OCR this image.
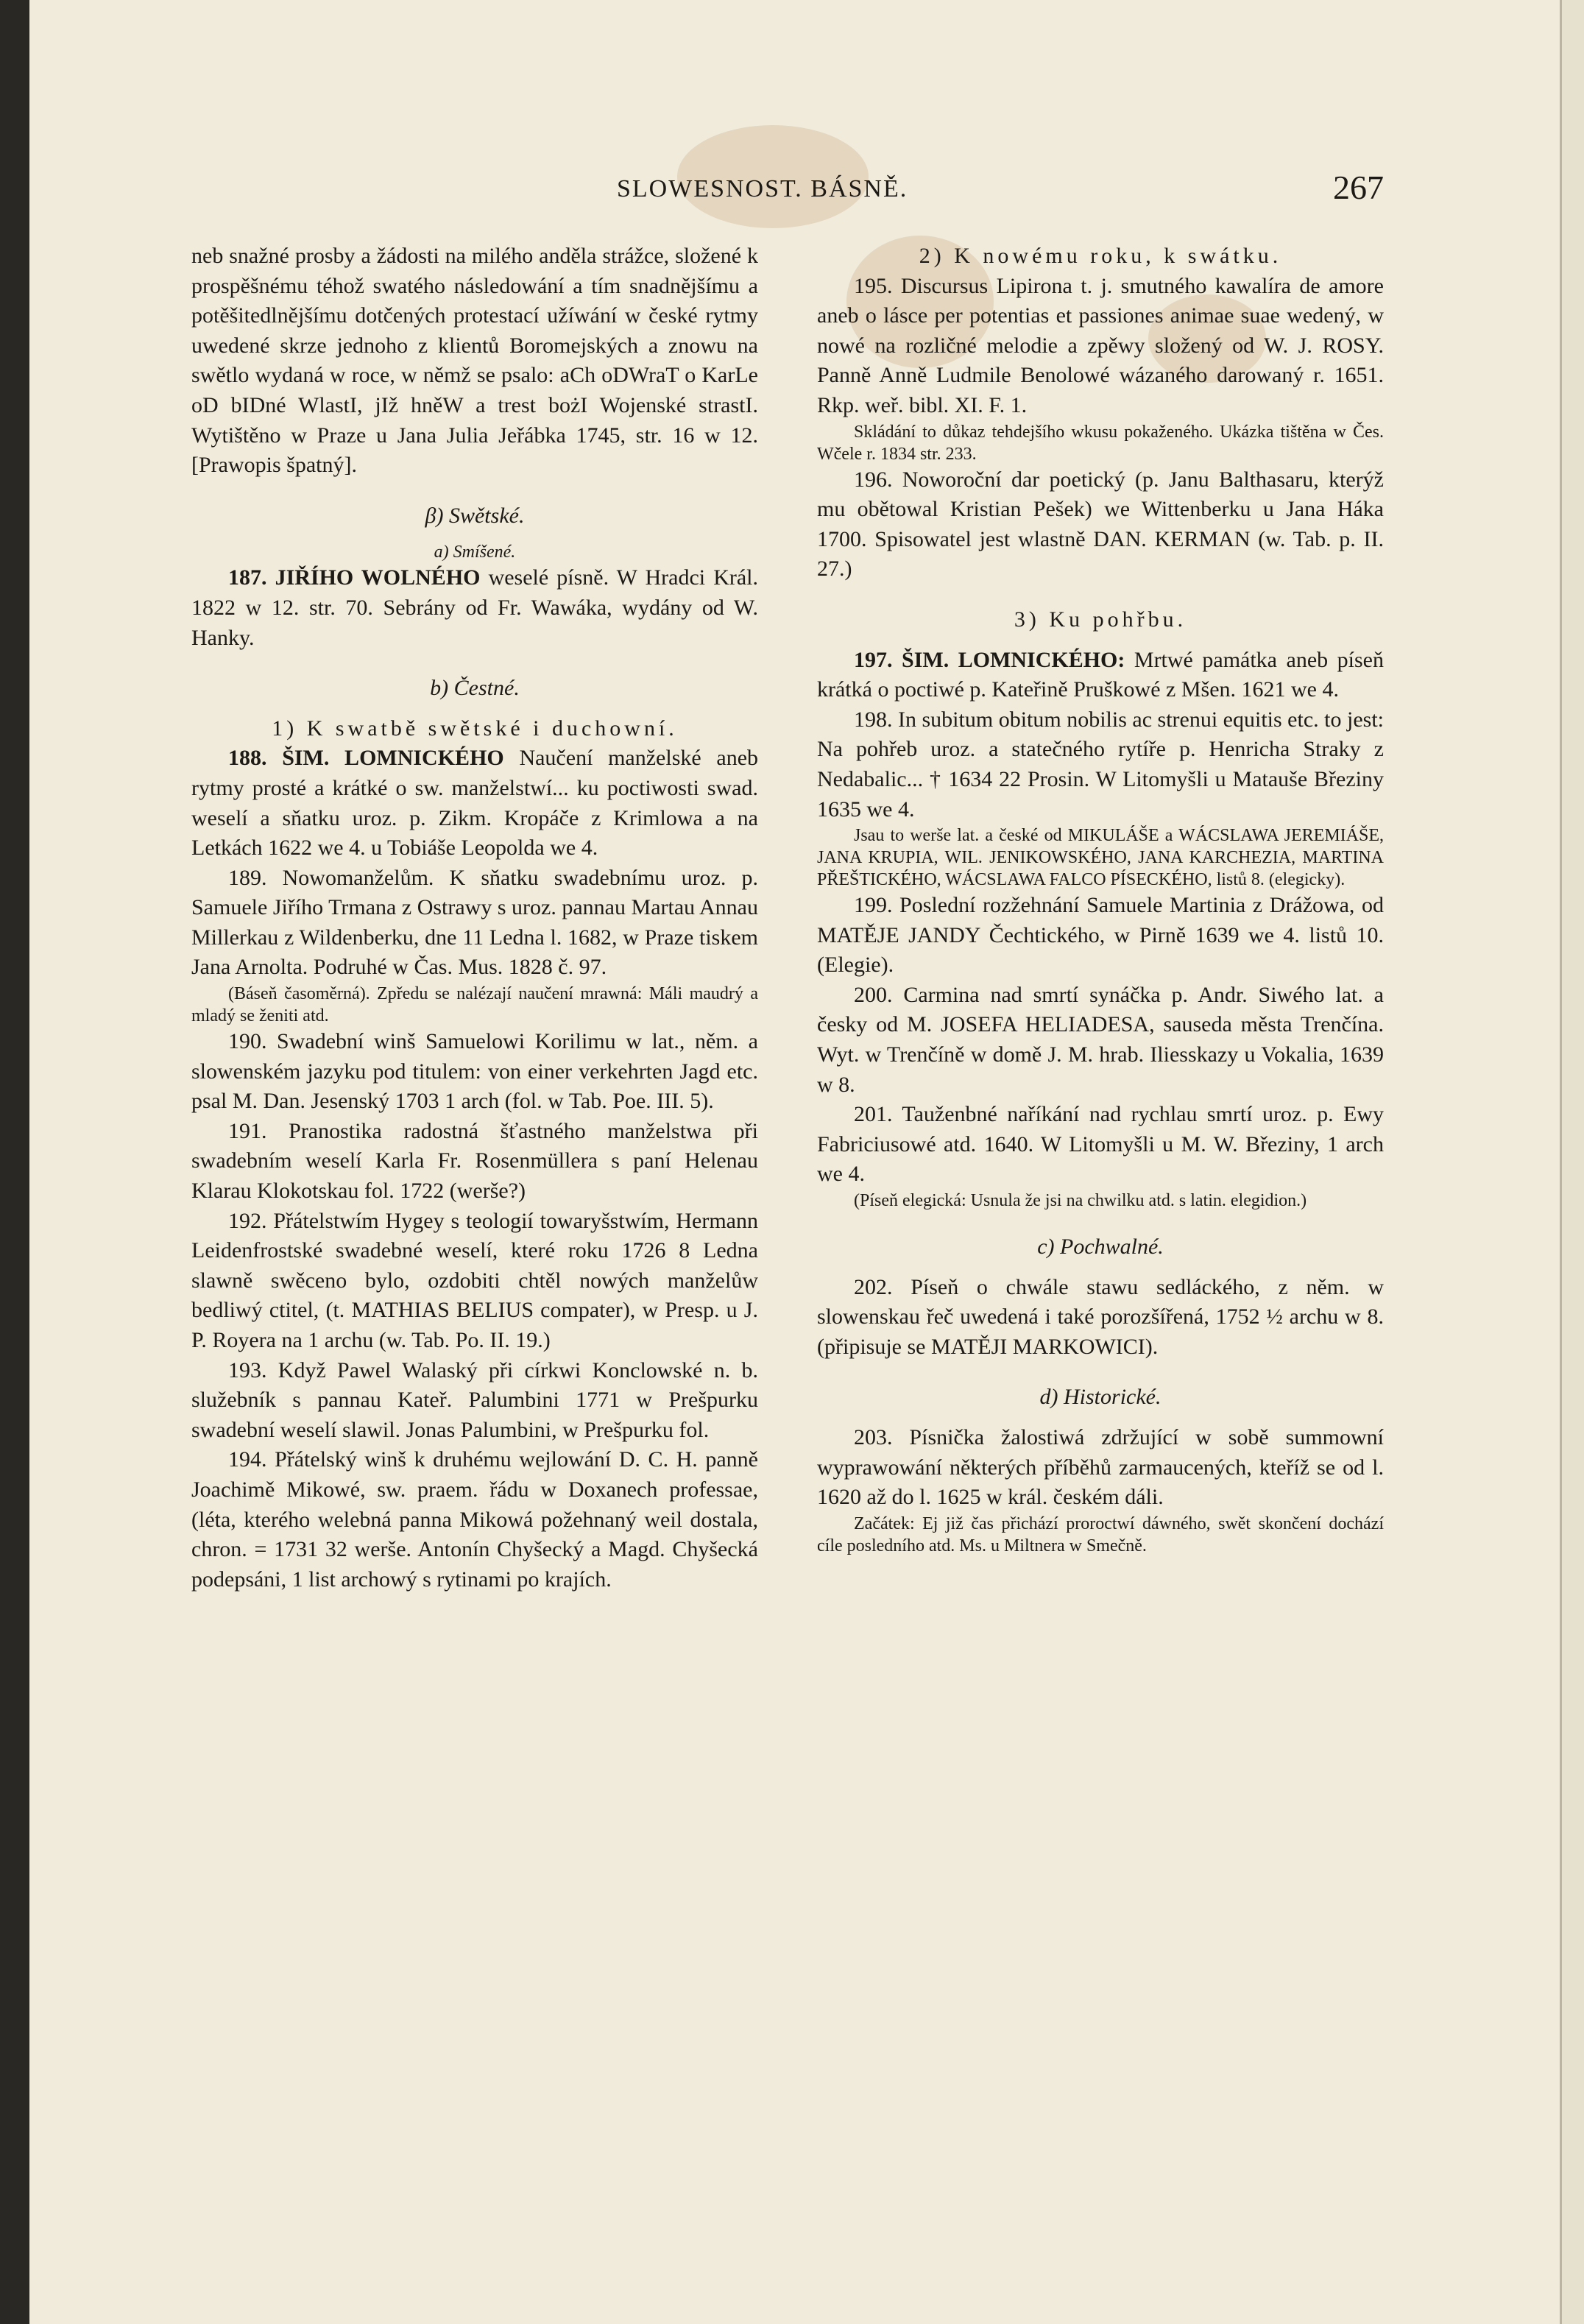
SLOWESNOST. BÁSNĚ.	267

neb snažné prosby a žádosti na milého anděla strážce, složené k prospěšnému téhož swatého následowání a tím snadnějšímu a potěšitedlnějšímu dotčených protestací užíwání w české rytmy uwedené skrze jednoho z klientů Boromejských a znowu na swětlo wydaná w roce, w němž se psalo: aCh oDWraT o KarLe oD bIDné WlastI, jIž hněW a trest bożI Wojenské strastI. Wytištěno w Praze u Jana Julia Jeřábka 1745, str. 16 w 12. [Prawopis špatný].

β) Swětské.

a) Smíšené.

187. JIŘÍHO WOLNÉHO weselé písně. W Hradci Král. 1822 w 12. str. 70. Sebrány od Fr. Wawáka, wydány od W. Hanky.

b) Čestné.

1) K swatbě swětské i duchowní.

188. ŠIM. LOMNICKÉHO Naučení manželské aneb rytmy prosté a krátké o sw. manželstwí... ku poctiwosti swad. weselí a sňatku uroz. p. Zikm. Kropáče z Krimlowa a na Letkách 1622 we 4. u Tobiáše Leopolda we 4.

189. Nowomanželům. K sňatku swadebnímu uroz. p. Samuele Jiřího Trmana z Ostrawy s uroz. pannau Martau Annau Millerkau z Wildenberku, dne 11 Ledna l. 1682, w Praze tiskem Jana Arnolta. Podruhé w Čas. Mus. 1828 č. 97.

(Báseň časoměrná). Zpředu se nalézají naučení mrawná: Máli maudrý a mladý se ženiti atd.

190. Swadební winš Samuelowi Korilimu w lat., něm. a slowenském jazyku pod titulem: von einer verkehrten Jagd etc. psal M. Dan. Jesenský 1703 1 arch (fol. w Tab. Poe. III. 5).

191. Pranostika radostná šťastného manželstwa při swadebním weselí Karla Fr. Rosenmüllera s paní Helenau Klarau Klokotskau fol. 1722 (werše?)

192. Přátelstwím Hygey s teologií towaryšstwím, Hermann Leidenfrostské swadebné weselí, které roku 1726 8 Ledna slawně swěceno bylo, ozdobiti chtěl nowých manželůw bedliwý ctitel, (t. MATHIAS BELIUS compater), w Presp. u J. P. Royera na 1 archu (w. Tab. Po. II. 19.)

193. Když Pawel Walaský při církwi Konclowské n. b. služebník s pannau Kateř. Palumbini 1771 w Prešpurku swadební weselí slawil. Jonas Palumbini, w Prešpurku fol.

194. Přátelský winš k druhému wejlowání D. C. H. panně Joachimě Mikowé, sw. praem. řádu w Doxanech professae, (léta, kterého welebná panna Mikowá požehnaný weil dostala, chron. = 1731 32 werše. Antonín Chyšecký a Magd. Chyšecká podepsáni, 1 list archowý s rytinami po krajích.

2) K nowému roku, k swátku.

195. Discursus Lipirona t. j. smutného kawalíra de amore aneb o lásce per potentias et passiones animae suae wedený, w nowé na rozličné melodie a zpěwy složený od W. J. ROSY. Panně Anně Ludmile Benolowé wázaného darowaný r. 1651. Rkp. weř. bibl. XI. F. 1.

Skládání to důkaz tehdejšího wkusu pokaženého. Ukázka tištěna w Čes. Wčele r. 1834 str. 233.

196. Noworoční dar poetický (p. Janu Balthasaru, kterýž mu obětowal Kristian Pešek) we Wittenberku u Jana Háka 1700. Spisowatel jest wlastně DAN. KERMAN (w. Tab. p. II. 27.)

3) Ku pohřbu.

197. ŠIM. LOMNICKÉHO: Mrtwé památka aneb píseň krátká o poctiwé p. Kateřině Pruškowé z Mšen. 1621 we 4.

198. In subitum obitum nobilis ac strenui equitis etc. to jest: Na pohřeb uroz. a statečného rytíře p. Henricha Straky z Nedabalic... † 1634 22 Prosin. W Litomyšli u Matauše Březiny 1635 we 4.

Jsau to werše lat. a české od MIKULÁŠE a WÁCSLAWA JEREMIÁŠE, JANA KRUPIA, WIL. JENIKOWSKÉHO, JANA KARCHEZIA, MARTINA PŘEŠTICKÉHO, WÁCSLAWA FALCO PÍSECKÉHO, listů 8. (elegicky).

199. Poslední rozžehnání Samuele Martinia z Drážowa, od MATĚJE JANDY Čechtického, w Pirně 1639 we 4. listů 10. (Elegie).

200. Carmina nad smrtí synáčka p. Andr. Siwého lat. a česky od M. JOSEFA HELIADESA, sauseda města Trenčína. Wyt. w Trenčíně w domě J. M. hrab. Iliesskazy u Vokalia, 1639 w 8.

201. Tauženbné naříkání nad rychlau smrtí uroz. p. Ewy Fabriciusowé atd. 1640. W Litomyšli u M. W. Březiny, 1 arch we 4.

(Píseň elegická: Usnula že jsi na chwilku atd. s latin. elegidion.)

c) Pochwalné.

202. Píseň o chwále stawu sedláckého, z něm. w slowenskau řeč uwedená i také porozšířená, 1752 ½ archu w 8. (připisuje se MATĚJI MARKOWICI).

d) Historické.

203. Písnička žalostiwá zdržující w sobě summowní wyprawowání některých příběhů zarmaucených, kteříž se od l. 1620 až do l. 1625 w král. českém dáli.

Začátek: Ej již čas přichází proroctwí dáwného, swět skončení dochází cíle posledního atd. Ms. u Miltnera w Smečně.
